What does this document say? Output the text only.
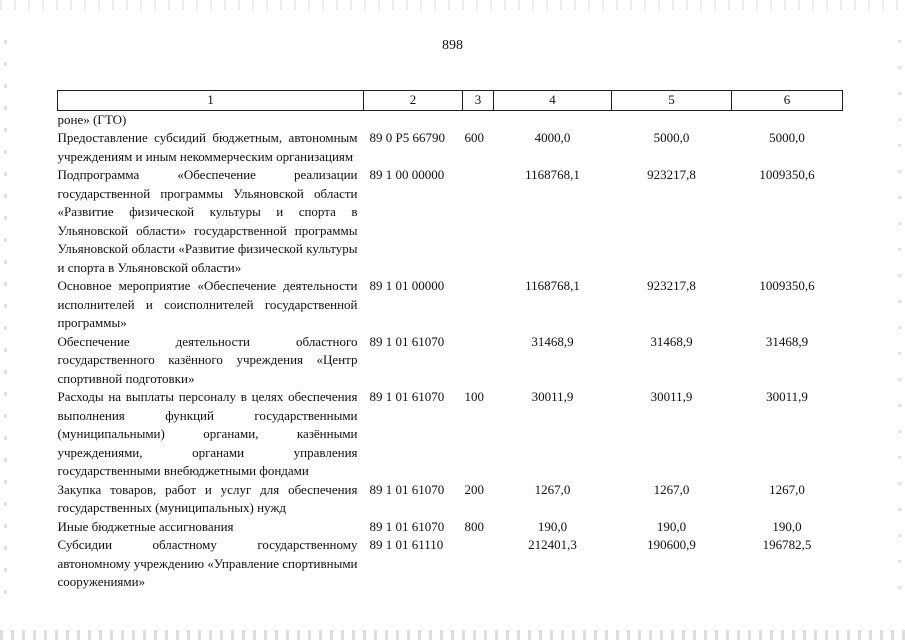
898
1	2	3	4	5	6
роне» (ГТО)					
Предоставление субсидий бюджетным, автономным учреждениям и иным некоммерческим организациям	89 0 P5 66790	600	4000,0	5000,0	5000,0
Подпрограмма «Обеспечение реализации государственной программы Ульяновской области «Развитие физической культуры и спорта в Ульяновской области» государственной программы Ульяновской области «Развитие физической культуры и спорта в Ульяновской области»	89 1 00 00000		1168768,1	923217,8	1009350,6
Основное мероприятие «Обеспечение деятельности исполнителей и соисполнителей государственной программы»	89 1 01 00000		1168768,1	923217,8	1009350,6
Обеспечение деятельности областного государственного казённого учреждения «Центр спортивной подготовки»	89 1 01 61070		31468,9	31468,9	31468,9
Расходы на выплаты персоналу в целях обеспечения выполнения функций государственными (муниципальными) органами, казёнными учреждениями, органами управления государственными внебюджетными фондами	89 1 01 61070	100	30011,9	30011,9	30011,9
Закупка товаров, работ и услуг для обеспечения государственных (муниципальных) нужд	89 1 01 61070	200	1267,0	1267,0	1267,0
Иные бюджетные ассигнования	89 1 01 61070	800	190,0	190,0	190,0
Субсидии областному государственному автономному учреждению «Управление спортивными сооружениями»	89 1 01 61110		212401,3	190600,9	196782,5
